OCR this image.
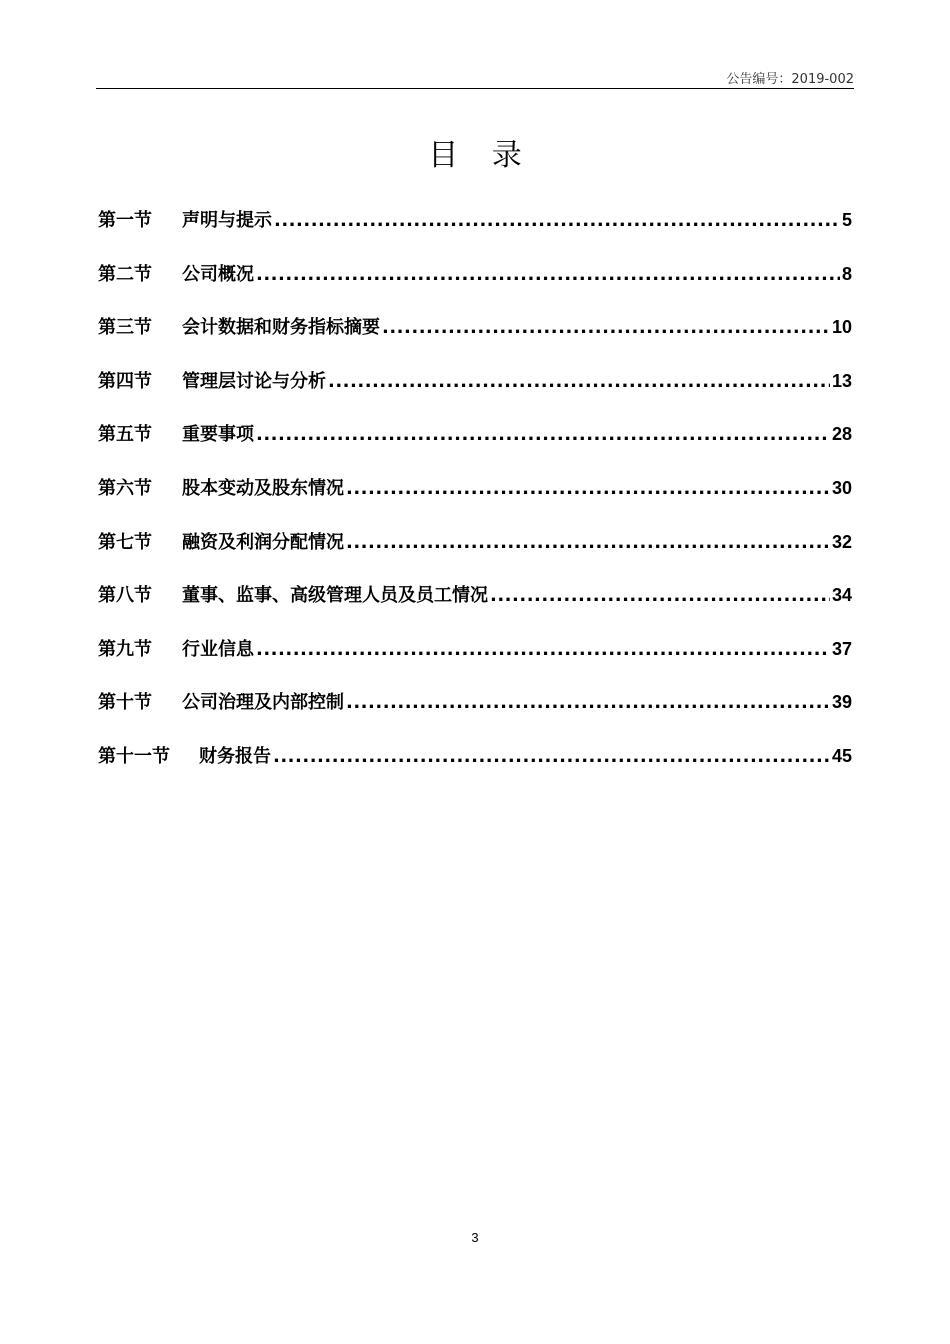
公告编号：2019-002
目 录
第一节	声明与提示 .....	5
第二节	公司概况 .....	8
第三节	会计数据和财务指标摘要 .....	10
第四节	管理层讨论与分析 .....	13
第五节	重要事项 .....	28
第六节	股本变动及股东情况 .....	30
第七节	融资及利润分配情况 .....	32
第八节	董事、监事、高级管理人员及员工情况 .....	34
第九节	行业信息 .....	37
第十节	公司治理及内部控制 .....	39
第十一节	财务报告 .....	45
3
